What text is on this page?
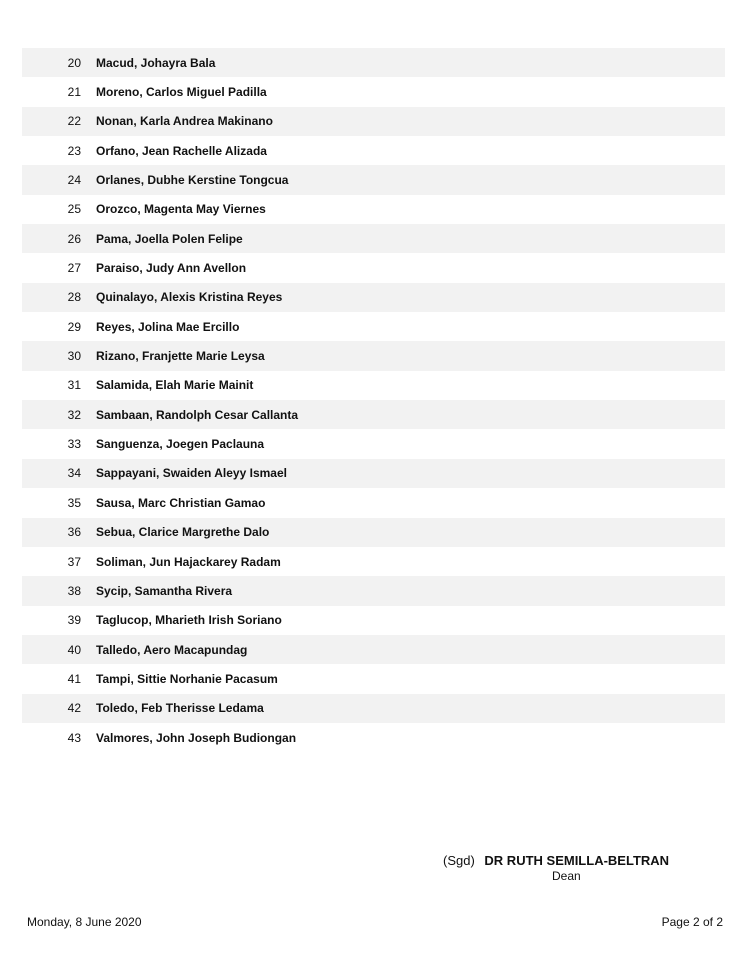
20	Macud, Johayra Bala
21	Moreno, Carlos Miguel Padilla
22	Nonan, Karla Andrea Makinano
23	Orfano, Jean Rachelle Alizada
24	Orlanes, Dubhe Kerstine Tongcua
25	Orozco, Magenta May Viernes
26	Pama, Joella Polen Felipe
27	Paraiso, Judy Ann Avellon
28	Quinalayo, Alexis Kristina Reyes
29	Reyes, Jolina Mae Ercillo
30	Rizano, Franjette Marie Leysa
31	Salamida, Elah Marie Mainit
32	Sambaan, Randolph Cesar Callanta
33	Sanguenza, Joegen Paclauna
34	Sappayani, Swaiden Aleyy Ismael
35	Sausa, Marc Christian Gamao
36	Sebua, Clarice Margrethe Dalo
37	Soliman, Jun Hajackarey Radam
38	Sycip, Samantha Rivera
39	Taglucop, Mharieth Irish Soriano
40	Talledo, Aero Macapundag
41	Tampi, Sittie Norhanie Pacasum
42	Toledo, Feb Therisse Ledama
43	Valmores, John Joseph Budiongan
(Sgd) DR RUTH SEMILLA-BELTRAN
Dean
Monday, 8 June 2020	Page 2 of 2
